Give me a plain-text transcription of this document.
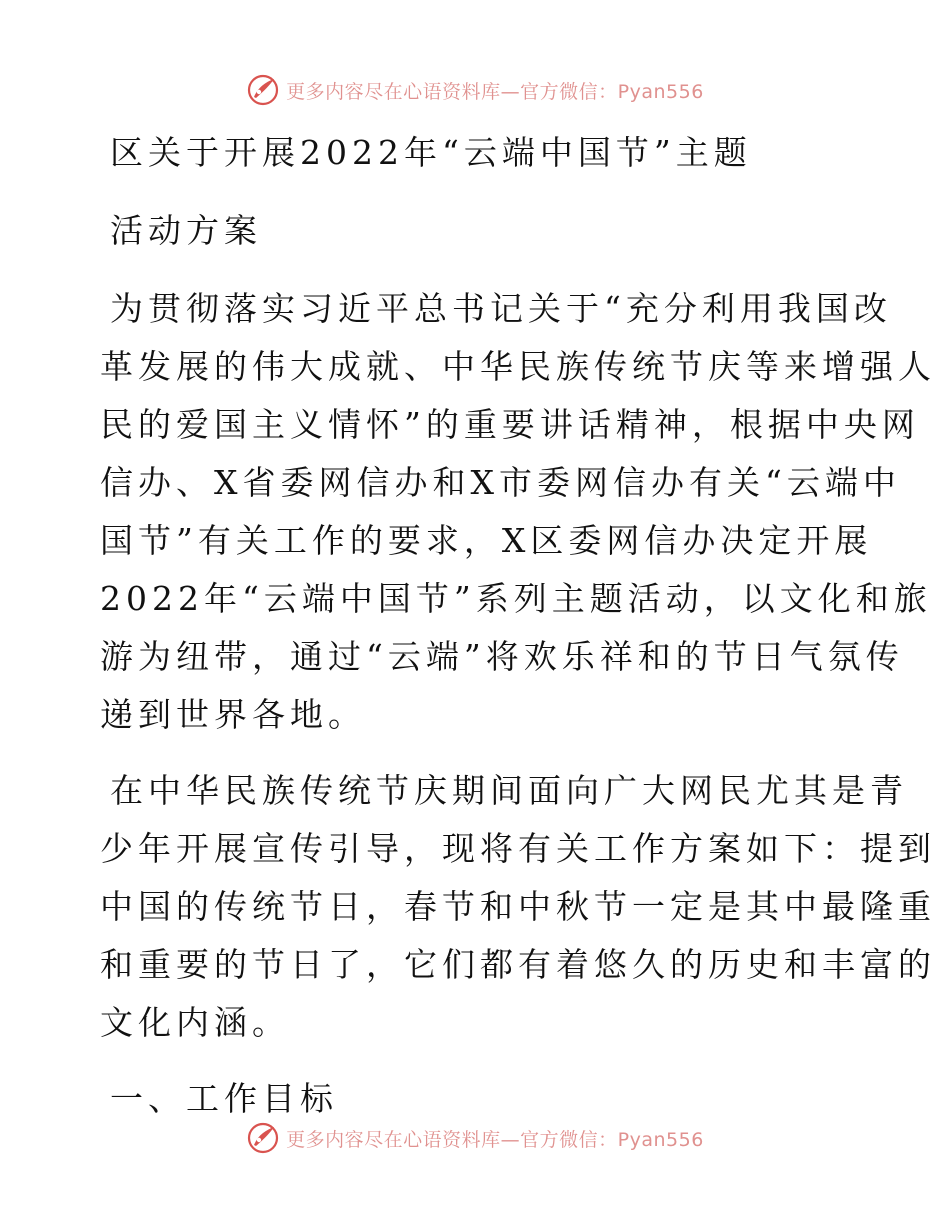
更多内容尽在心语资料库—官方微信：Pyan556

区关于开展2022年“云端中国节”主题

活动方案

为贯彻落实习近平总书记关于“充分利用我国改

革发展的伟大成就、中华民族传统节庆等来增强人

民的爱国主义情怀”的重要讲话精神，根据中央网

信办、X省委网信办和X市委网信办有关“云端中

国节”有关工作的要求，X区委网信办决定开展

2022年“云端中国节”系列主题活动，以文化和旅

游为纽带，通过“云端”将欢乐祥和的节日气氛传

递到世界各地。

在中华民族传统节庆期间面向广大网民尤其是青

少年开展宣传引导，现将有关工作方案如下：提到

中国的传统节日，春节和中秋节一定是其中最隆重

和重要的节日了，它们都有着悠久的历史和丰富的

文化内涵。

一、工作目标

更多内容尽在心语资料库—官方微信：Pyan556
